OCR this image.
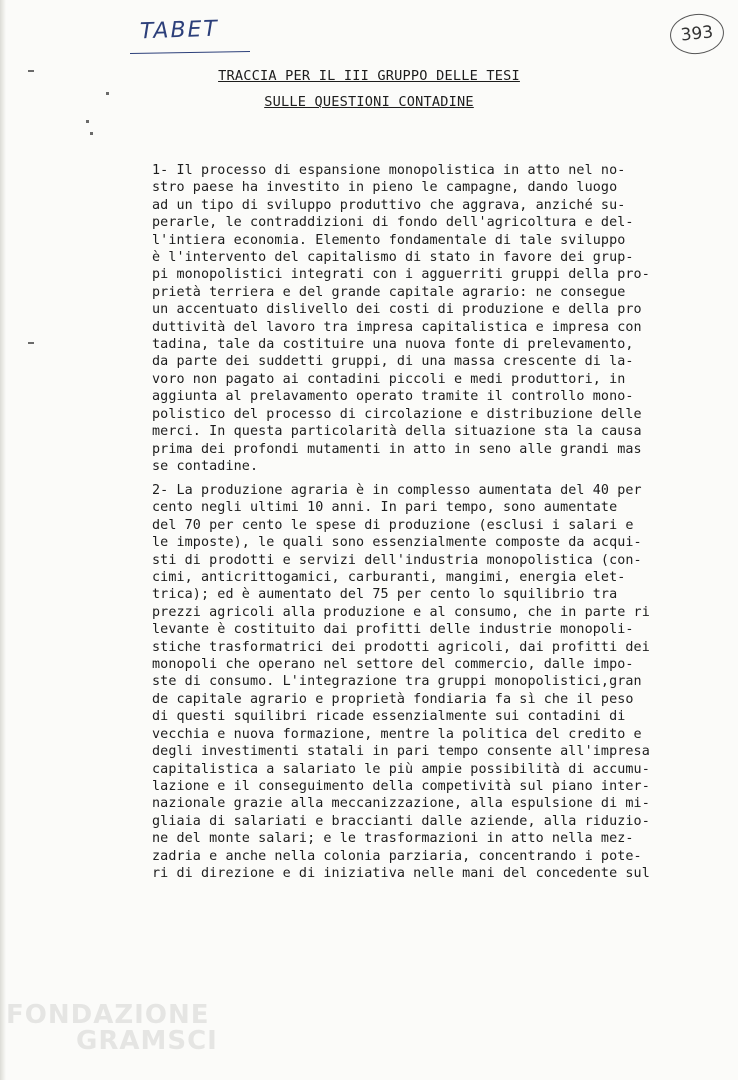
TABET	393
TRACCIA PER IL III GRUPPO DELLE TESI
SULLE QUESTIONI CONTADINE
1- Il processo di espansione monopolistica in atto nel no-
stro paese ha investito in pieno le campagne, dando luogo
ad un tipo di sviluppo produttivo che aggrava, anziché su-
perarle, le contraddizioni di fondo dell'agricoltura e del-
l'intiera economia. Elemento fondamentale di tale sviluppo
è l'intervento del capitalismo di stato in favore dei grup-
pi monopolistici integrati con i agguerriti gruppi della pro-
prietà terriera e del grande capitale agrario: ne consegue
un accentuato dislivello dei costi di produzione e della pro
duttività del lavoro tra impresa capitalistica e impresa con
tadina, tale da costituire una nuova fonte di prelevamento,
da parte dei suddetti gruppi, di una massa crescente di la-
voro non pagato ai contadini piccoli e medi produttori, in
aggiunta al prelavamento operato tramite il controllo mono-
polistico del processo di circolazione e distribuzione delle
merci. In questa particolarità della situazione sta la causa
prima dei profondi mutamenti in atto in seno alle grandi mas
se contadine.
2- La produzione agraria è in complesso aumentata del 40 per
cento negli ultimi 10 anni. In pari tempo, sono aumentate
del 70 per cento le spese di produzione (esclusi i salari e
le imposte), le quali sono essenzialmente composte da acqui-
sti di prodotti e servizi dell'industria monopolistica (con-
cimi, anticrittogamici, carburanti, mangimi, energia elet-
trica); ed è aumentato del 75 per cento lo squilibrio tra
prezzi agricoli alla produzione e al consumo, che in parte ri
levante è costituito dai profitti delle industrie monopoli-
stiche trasformatrici dei prodotti agricoli, dai profitti dei
monopoli che operano nel settore del commercio, dalle impo-
ste di consumo. L'integrazione tra gruppi monopolistici,gran
de capitale agrario e proprietà fondiaria fa sì che il peso
di questi squilibri ricade essenzialmente sui contadini di
vecchia e nuova formazione, mentre la politica del credito e
degli investimenti statali in pari tempo consente all'impresa
capitalistica a salariato le più ampie possibilità di accumu-
lazione e il conseguimento della competività sul piano inter-
nazionale grazie alla meccanizzazione, alla espulsione di mi-
gliaia di salariati e braccianti dalle aziende, alla riduzio-
ne del monte salari; e le trasformazioni in atto nella mez-
zadria e anche nella colonia parziaria, concentrando i pote-
ri di direzione e di iniziativa nelle mani del concedente sul
FONDAZIONE
GRAMSCI
